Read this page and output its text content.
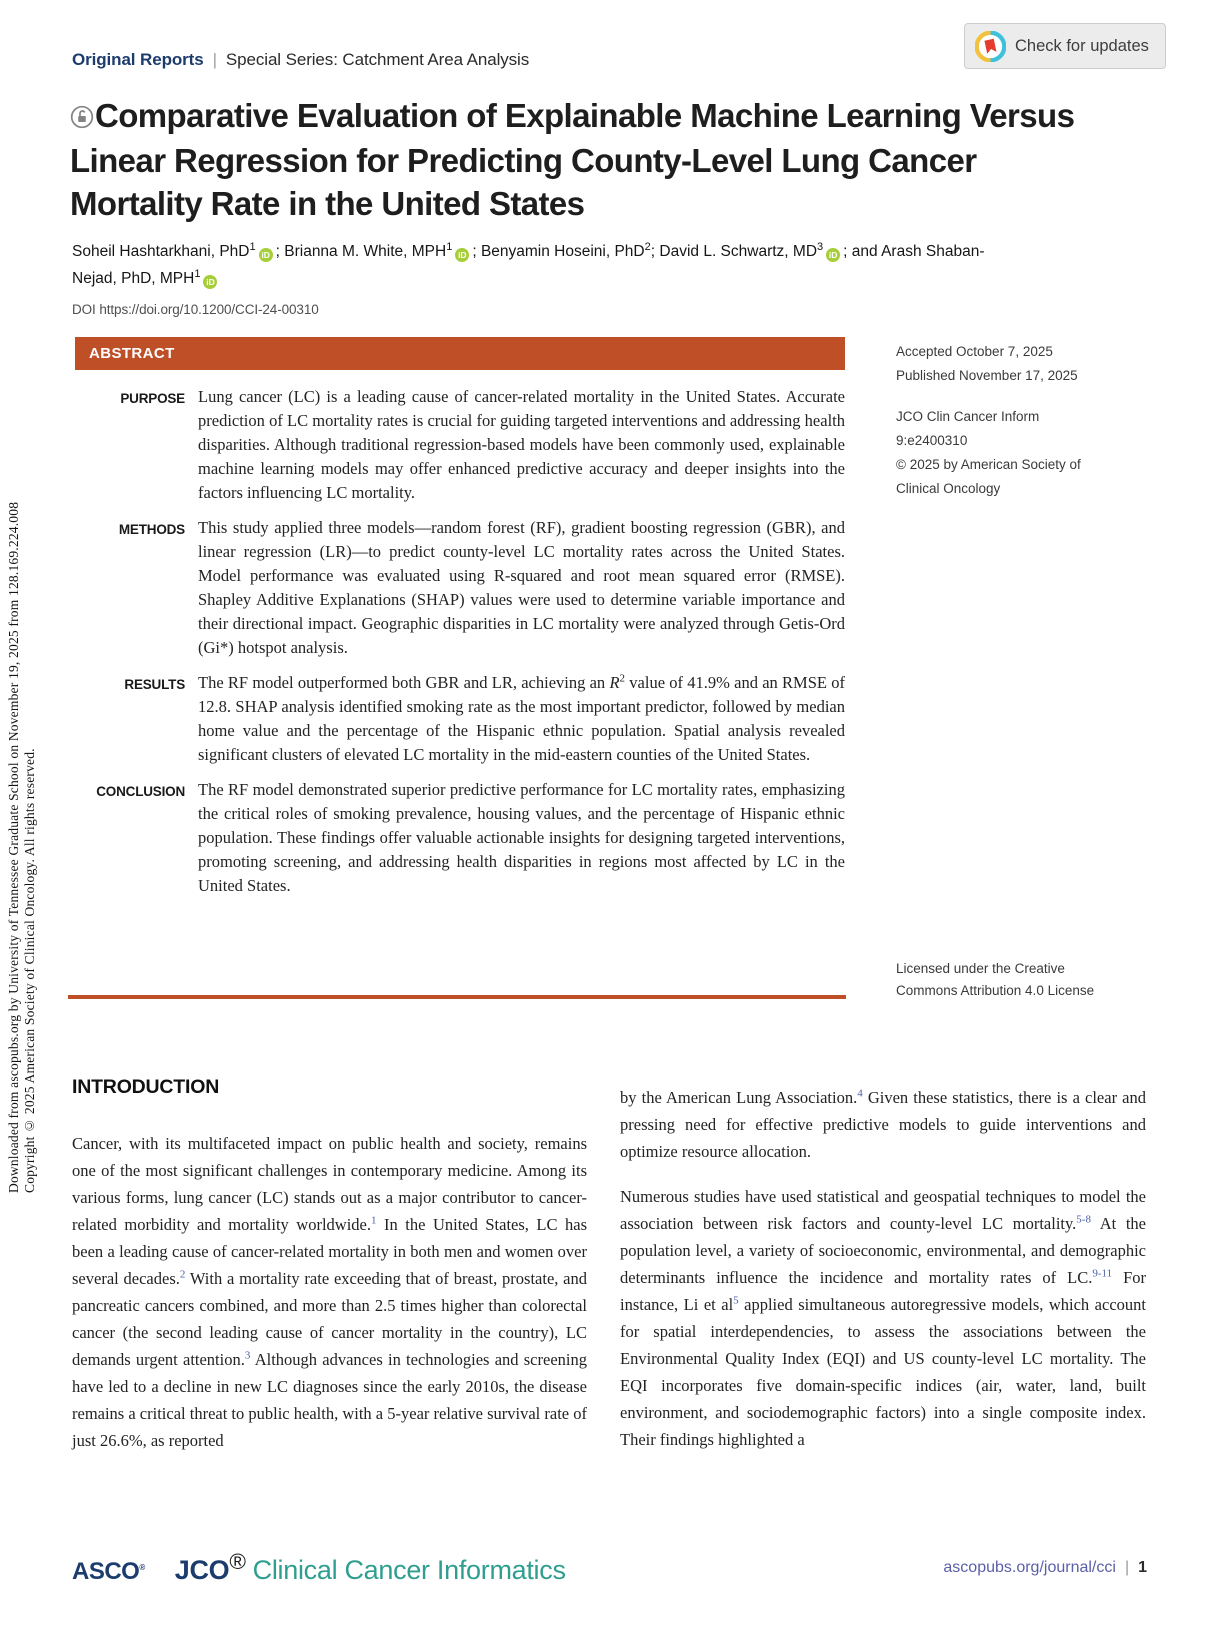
Downloaded from ascopubs.org by University of Tennessee Graduate School on November 19, 2025 from 128.169.224.008 Copyright © 2025 American Society of Clinical Oncology. All rights reserved.
Original Reports | Special Series: Catchment Area Analysis
Check for updates
Comparative Evaluation of Explainable Machine Learning Versus Linear Regression for Predicting County-Level Lung Cancer Mortality Rate in the United States
Soheil Hashtarkhani, PhD$^1$iD ; Brianna M. White, MPH$^1$iD ; Benyamin Hoseini, PhD$^2$; David L. Schwartz, $MD^3iD$ ; and Arash Shaban-Nejad, PhD, MPH$^1$iD
DOI https://doi.org/10.1200/CCI-24-00310
ABSTRACT
PURPOSE Lung cancer (LC) is a leading cause of cancer-related mortality in the United States. Accurate prediction of LC mortality rates is crucial for guiding targeted interventions and addressing health disparities. Although traditional regression-based models have been commonly used, explainable machine learning models may offer enhanced predictive accuracy and deeper insights into the factors influencing LC mortality.
METHODS This study applied three models—random forest (RF), gradient boosting regression (GBR), and linear regression (LR)—to predict county-level LC mortality rates across the United States. Model performance was evaluated using R-squared and root mean squared error (RMSE). Shapley Additive Explanations (SHAP) values were used to determine variable importance and their directional impact. Geographic disparities in LC mortality were analyzed through Getis-Ord (Gi*) hotspot analysis.
RESULTS The RF model outperformed both GBR and LR, achieving an $R^2$ value of 41.9% and an RMSE of 12.8. SHAP analysis identified smoking rate as the most important predictor, followed by median home value and the percentage of the Hispanic ethnic population. Spatial analysis revealed significant clusters of elevated LC mortality in the mid-eastern counties of the United States.
CONCLUSION The RF model demonstrated superior predictive performance for LC mortality rates, emphasizing the critical roles of smoking prevalence, housing values, and the percentage of Hispanic ethnic population. These findings offer valuable actionable insights for designing targeted interventions, promoting screening, and addressing health disparities in regions most affected by LC in the United States.
Accepted October 7, 2025
Published November 17, 2025
JCO Clin Cancer Inform
9:e2400310
© 2025 by American Society of
Clinical Oncology
Licensed under the Creative
Commons Attribution 4.0 License
INTRODUCTION

Cancer, with its multifaceted impact on public health and society, remains one of the most significant challenges in contemporary medicine. Among its various forms, lung cancer (LC) stands out as a major contributor to cancer-related morbidity and mortality worldwide.$^1$ In the United States, LC has been a leading cause of cancer-related mortality in both men and women over several decades.$^2$ With a mortality rate exceeding that of breast, prostate, and pancreatic cancers combined, and more than 2.5 times higher than colorectal cancer (the second leading cause of cancer mortality in the country), LC demands urgent attention.$^3$ Although advances in technologies and screening have led to a decline in new LC diagnoses since the early 2010s, the disease remains a critical threat to public health, with a 5-year relative survival rate of just 26.6%, as reported

by the American Lung Association.$^4$ Given these statistics, there is a clear and pressing need for effective predictive models to guide interventions and optimize resource allocation.

Numerous studies have used statistical and geospatial techniques to model the association between risk factors and county-level LC mortality.$^{5-8}$ At the population level, a variety of socioeconomic, environmental, and demographic determinants influence the incidence and mortality rates of LC.$^{9-11}$ For instance, Li et al$^5$ applied simultaneous autoregressive models, which account for spatial interdependencies, to assess the associations between the Environmental Quality Index (EQI) and US county-level LC mortality. The EQI incorporates five domain-specific indices (air, water, land, built environment, and sociodemographic factors) into a single composite index. Their findings highlighted a

ASCO® JCO® Clinical Cancer Informatics	ascopubs.org/journal/cci | 1
